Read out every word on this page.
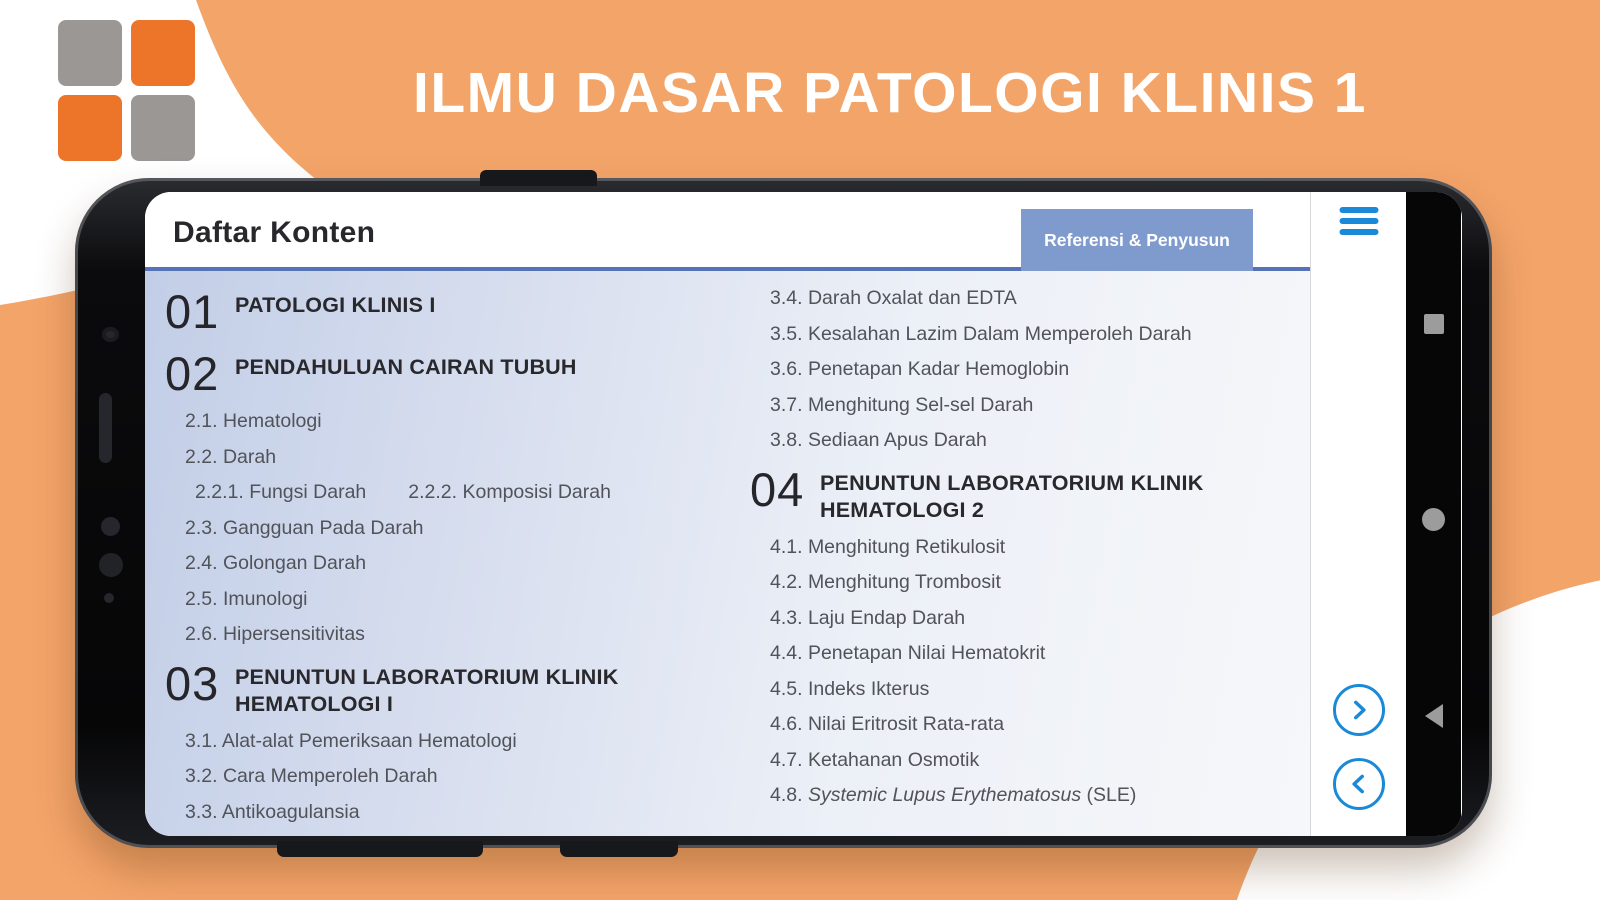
ILMU DASAR PATOLOGI KLINIS 1
Daftar Konten	Referensi & Penyusun
01 PATOLOGI KLINIS I
02 PENDAHULUAN CAIRAN TUBUH
2.1. Hematologi
2.2. Darah
2.2.1. Fungsi Darah 2.2.2. Komposisi Darah
2.3. Gangguan Pada Darah
2.4. Golongan Darah
2.5. Imunologi
2.6. Hipersensitivitas
03 PENUNTUN LABORATORIUM KLINIK HEMATOLOGI I
3.1. Alat-alat Pemeriksaan Hematologi
3.2. Cara Memperoleh Darah
3.3. Antikoagulansia
3.4. Darah Oxalat dan EDTA
3.5. Kesalahan Lazim Dalam Memperoleh Darah
3.6. Penetapan Kadar Hemoglobin
3.7. Menghitung Sel-sel Darah
3.8. Sediaan Apus Darah
04 PENUNTUN LABORATORIUM KLINIK HEMATOLOGI 2
4.1. Menghitung Retikulosit
4.2. Menghitung Trombosit
4.3. Laju Endap Darah
4.4. Penetapan Nilai Hematokrit
4.5. Indeks Ikterus
4.6. Nilai Eritrosit Rata-rata
4.7. Ketahanan Osmotik
4.8. Systemic Lupus Erythematosus (SLE)
